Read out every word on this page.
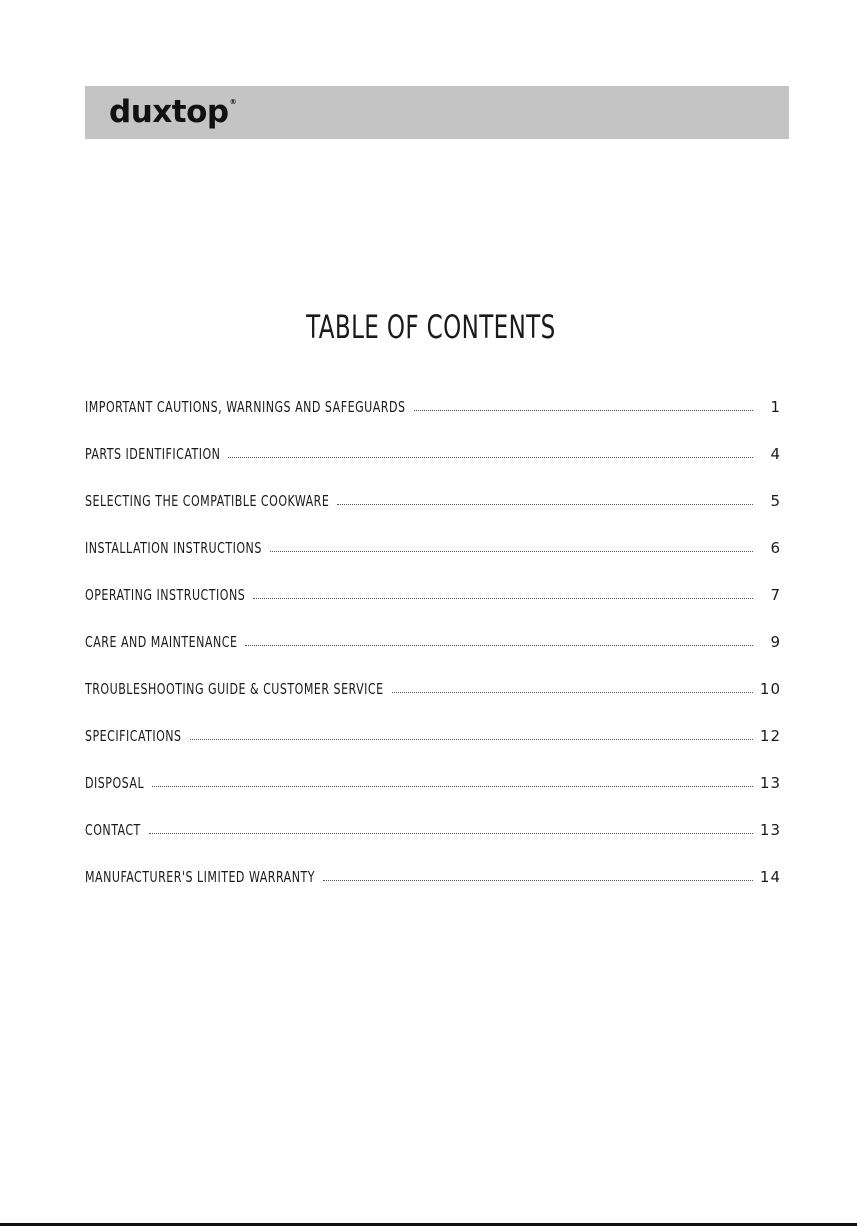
duxtop ®
TABLE OF CONTENTS
IMPORTANT CAUTIONS, WARNINGS AND SAFEGUARDS	1
PARTS IDENTIFICATION	4
SELECTING THE COMPATIBLE COOKWARE	5
INSTALLATION INSTRUCTIONS	6
OPERATING INSTRUCTIONS	7
CARE AND MAINTENANCE	9
TROUBLESHOOTING GUIDE & CUSTOMER SERVICE	10
SPECIFICATIONS	12
DISPOSAL	13
CONTACT	13
MANUFACTURER'S LIMITED WARRANTY	14
